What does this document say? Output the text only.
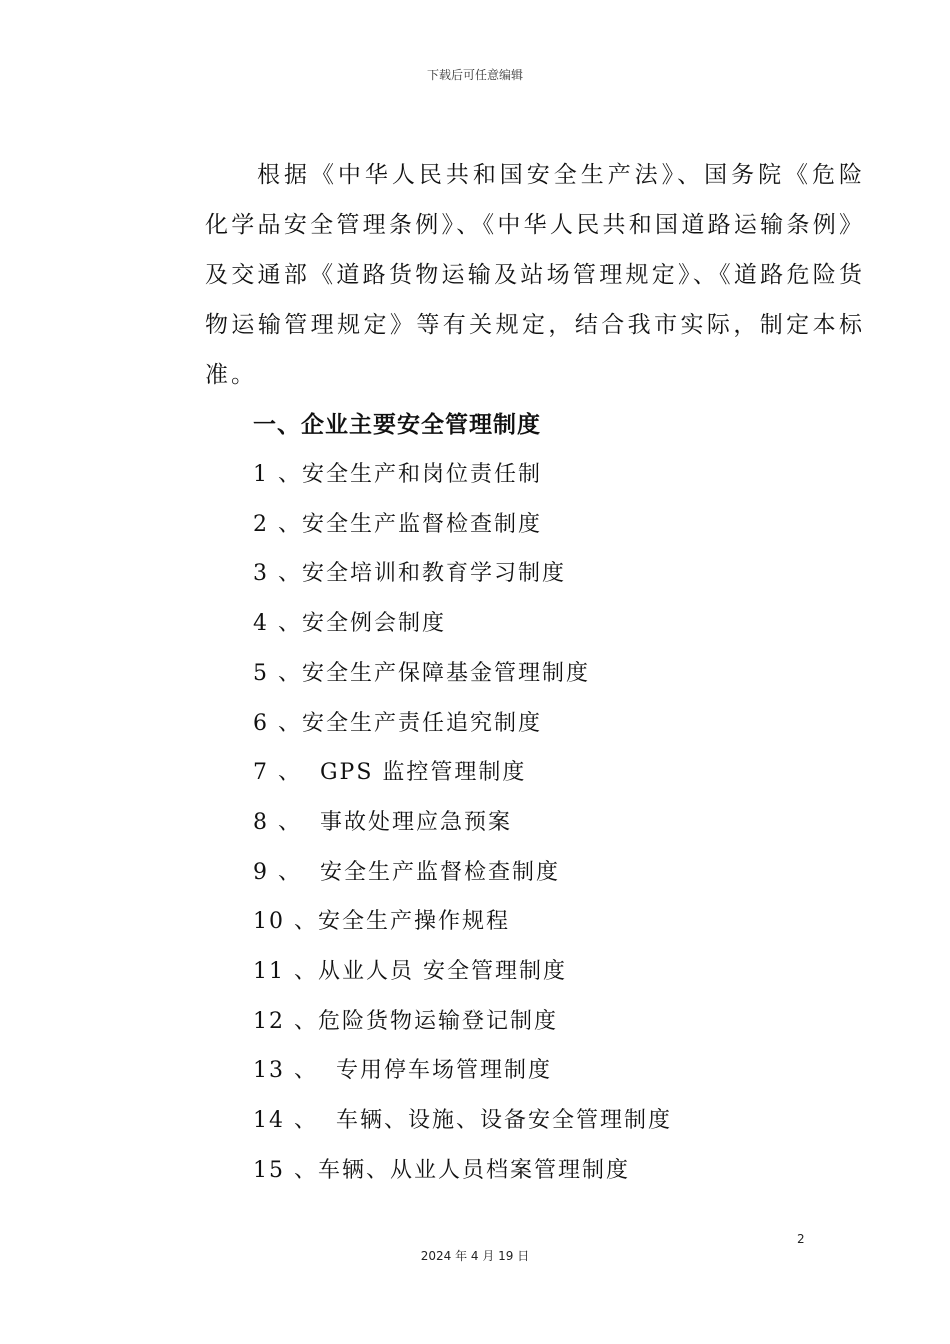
下载后可任意编辑

根据《中华人民共和国安全生产法》、国务院《危险化学品安全管理条例》、《中华人民共和国道路运输条例》及交通部《道路货物运输及站场管理规定》、《道路危险货物运输管理规定》等有关规定，结合我市实际，制定本标准。

一、企业主要安全管理制度
1 、安全生产和岗位责任制
2 、安全生产监督检查制度
3 、安全培训和教育学习制度
4 、安全例会制度
5 、安全生产保障基金管理制度
6 、安全生产责任追究制度
7 、  GPS 监控管理制度
8 、  事故处理应急预案
9 、  安全生产监督检查制度
10 、安全生产操作规程
11 、从业人员 安全管理制度
12 、危险货物运输登记制度
13 、  专用停车场管理制度
14 、  车辆、设施、设备安全管理制度
15 、车辆、从业人员档案管理制度
2
2024 年 4 月 19 日
